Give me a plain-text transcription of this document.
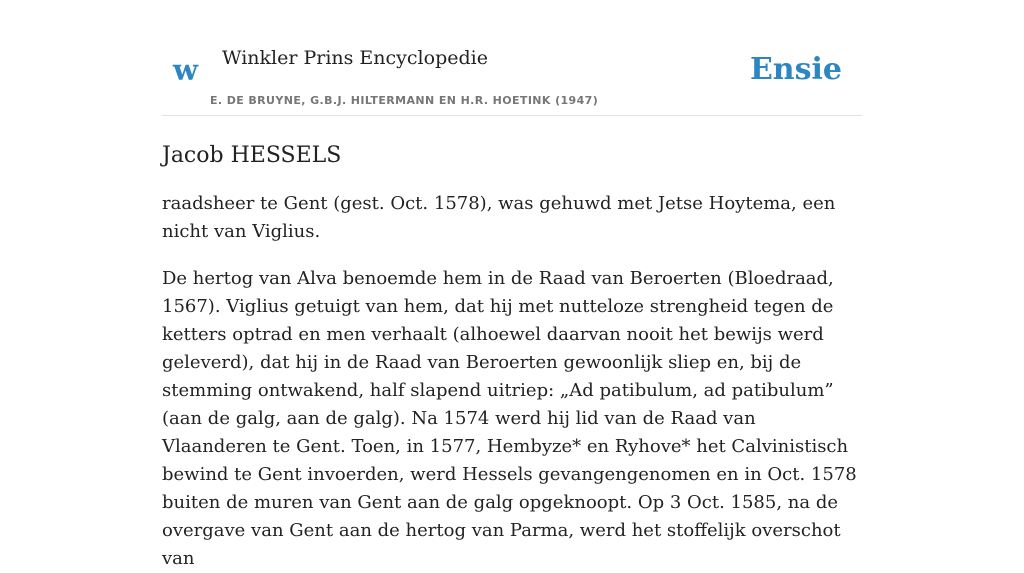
w Winkler Prins Encyclopedie
E. DE BRUYNE, G.B.J. HILTERMANN EN H.R. HOETINK (1947)
Ensie
Jacob HESSELS

raadsheer te Gent (gest. Oct. 1578), was gehuwd met Jetse Hoytema, een nicht van Viglius.

De hertog van Alva benoemde hem in de Raad van Beroerten (Bloedraad, 1567). Viglius getuigt van hem, dat hij met nutteloze strengheid tegen de ketters optrad en men verhaalt (alhoewel daarvan nooit het bewijs werd geleverd), dat hij in de Raad van Beroerten gewoonlijk sliep en, bij de stemming ontwakend, half slapend uitriep: „Ad patibulum, ad patibulum” (aan de galg, aan de galg). Na 1574 werd hij lid van de Raad van Vlaanderen te Gent. Toen, in 1577, Hembyze* en Ryhove* het Calvinistisch bewind te Gent invoerden, werd Hessels gevangengenomen en in Oct. 1578 buiten de muren van Gent aan de galg opgeknoopt. Op 3 Oct. 1585, na de overgave van Gent aan de hertog van Parma, werd het stoffelijk overschot van
